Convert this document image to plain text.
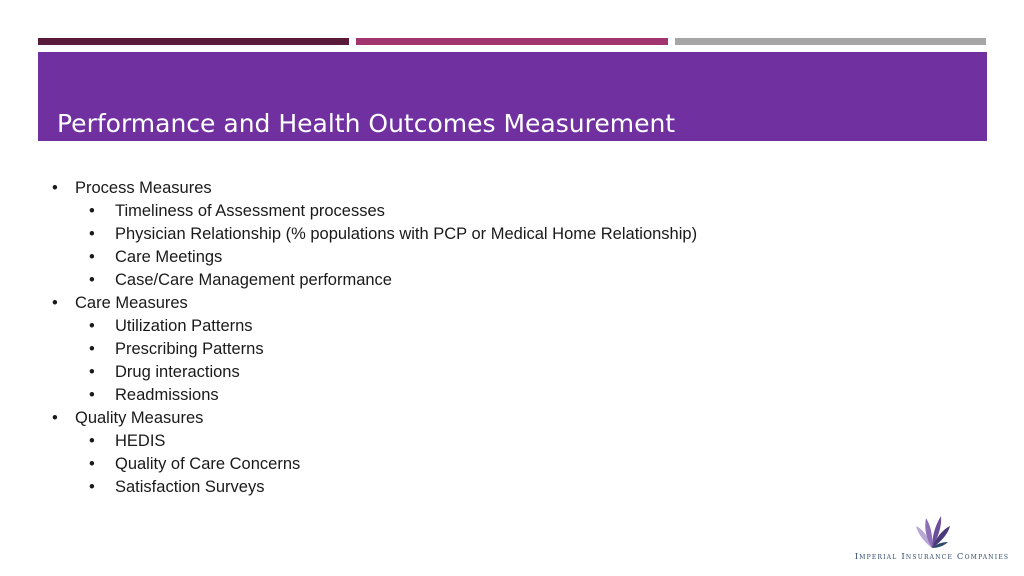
Performance and Health Outcomes Measurement
• Process Measures
• Timeliness of Assessment processes
• Physician Relationship (% populations with PCP or Medical Home Relationship)
• Care Meetings
• Case/Care Management performance
• Care Measures
• Utilization Patterns
• Prescribing Patterns
• Drug interactions
• Readmissions
• Quality Measures
• HEDIS
• Quality of Care Concerns
• Satisfaction Surveys
Imperial Insurance Companies
